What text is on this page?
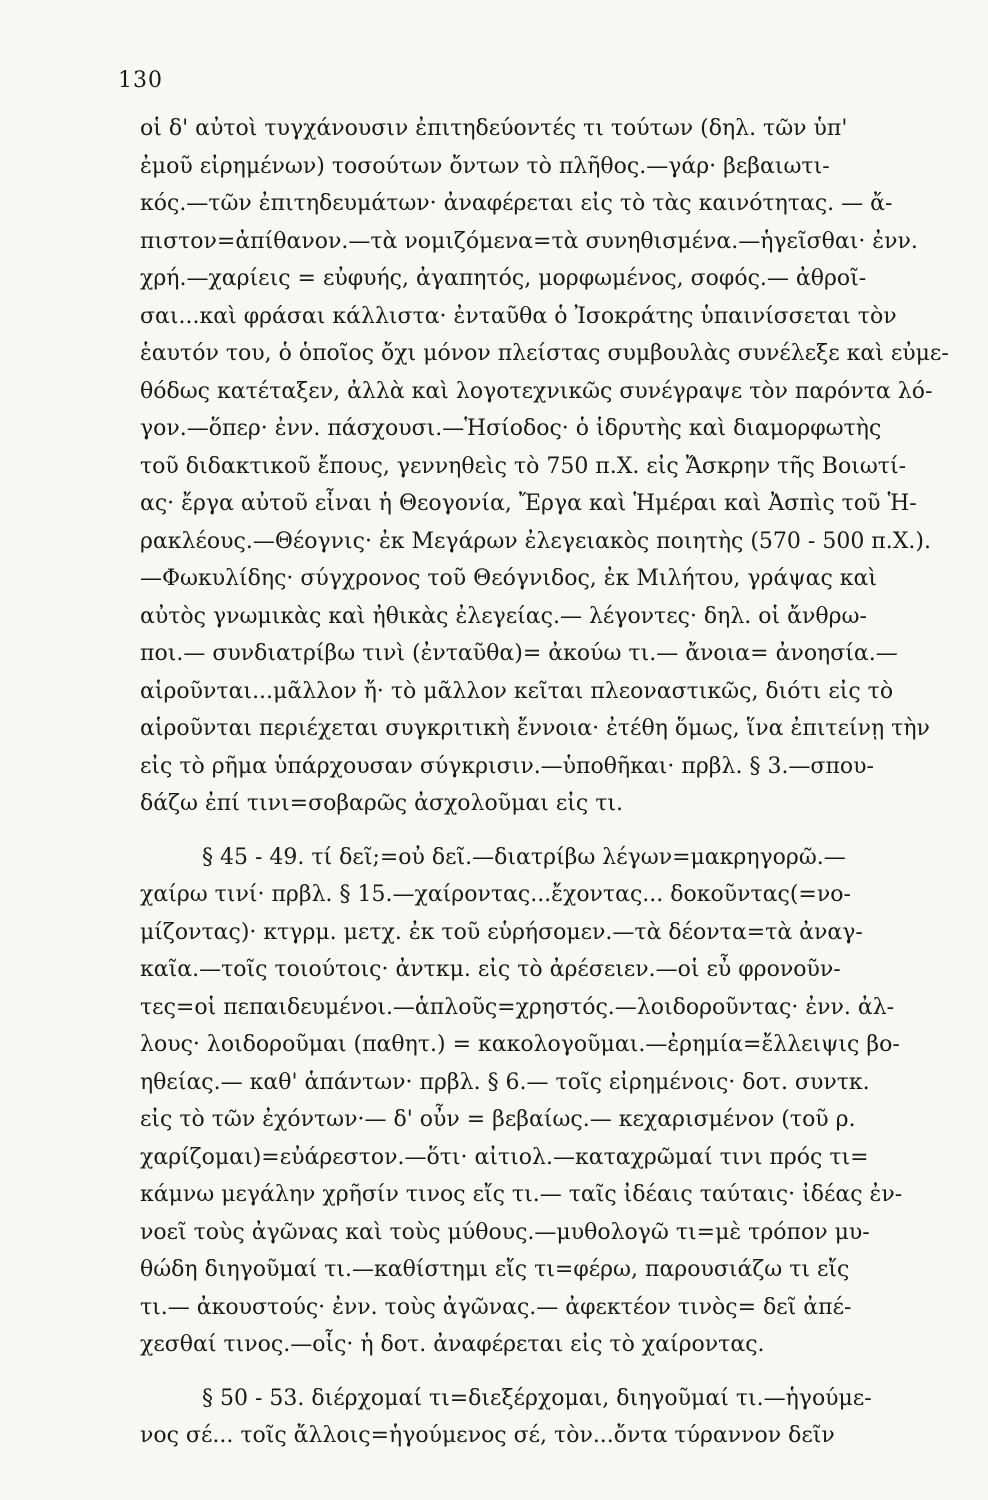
130
οἱ δ' αὐτοὶ τυγχάνουσιν ἐπιτηδεύοντές τι τούτων (δηλ. τῶν ὑπ'
ἐμοῦ εἰρημένων) τοσούτων ὄντων τὸ πλῆθος.—γάρ· βεβαιωτι-
κός.—τῶν ἐπιτηδευμάτων· ἀναφέρεται εἰς τὸ τὰς καινότητας. — ἄ-
πιστον=ἀπίθανον.—τὰ νομιζόμενα=τὰ συνηθισμένα.—ἡγεῖσθαι· ἐνν.
χρή.—χαρίεις = εὐφυής, ἀγαπητός, μορφωμένος, σοφός.— ἀθροῖ-
σαι...καὶ φράσαι κάλλιστα· ἐνταῦθα ὁ Ἰσοκράτης ὑπαινίσσεται τὸν
ἑαυτόν του, ὁ ὁποῖος ὄχι μόνον πλείστας συμβουλὰς συνέλεξε καὶ εὐμε-
θόδως κατέταξεν, ἀλλὰ καὶ λογοτεχνικῶς συνέγραψε τὸν παρόντα λό-
γον.—ὅπερ· ἐνν. πάσχουσι.—Ἡσίοδος· ὁ ἱδρυτὴς καὶ διαμορφωτὴς
τοῦ διδακτικοῦ ἔπους, γεννηθεὶς τὸ 750 π.Χ. εἰς Ἄσκρην τῆς Βοιωτί-
ας· ἔργα αὐτοῦ εἶναι ἡ Θεογονία, Ἔργα καὶ Ἡμέραι καὶ Ἀσπὶς τοῦ Ἡ-
ρακλέους.—Θέογνις· ἐκ Μεγάρων ἐλεγειακὸς ποιητὴς (570 - 500 π.Χ.).
—Φωκυλίδης· σύγχρονος τοῦ Θεόγνιδος, ἐκ Μιλήτου, γράψας καὶ
αὐτὸς γνωμικὰς καὶ ἠθικὰς ἐλεγείας.— λέγοντες· δηλ. οἱ ἄνθρω-
ποι.— συνδιατρίβω τινὶ (ἐνταῦθα)= ἀκούω τι.— ἄνοια= ἀνοησία.—
αἱροῦνται...μᾶλλον ἤ· τὸ μᾶλλον κεῖται πλεοναστικῶς, διότι εἰς τὸ
αἱροῦνται περιέχεται συγκριτικὴ ἔννοια· ἐτέθη ὅμως, ἵνα ἐπιτείνῃ τὴν
εἰς τὸ ρῆμα ὑπάρχουσαν σύγκρισιν.—ὑποθῆκαι· πρβλ. § 3.—σπου-
δάζω ἐπί τινι=σοβαρῶς ἀσχολοῦμαι εἰς τι.
§ 45 - 49. τί δεῖ;=οὐ δεῖ.—διατρίβω λέγων=μακρηγορῶ.—
χαίρω τινί· πρβλ. § 15.—χαίροντας...ἔχοντας... δοκοῦντας(=νο-
μίζοντας)· κτγρμ. μετχ. ἐκ τοῦ εὑρήσομεν.—τὰ δέοντα=τὰ ἀναγ-
καῖα.—τοῖς τοιούτοις· ἀντκμ. εἰς τὸ ἀρέσειεν.—οἱ εὖ φρονοῦν-
τες=οἱ πεπαιδευμένοι.—ἁπλοῦς=χρηστός.—λοιδοροῦντας· ἐνν. ἀλ-
λους· λοιδοροῦμαι (παθητ.) = κακολογοῦμαι.—ἐρημία=ἔλλειψις βο-
ηθείας.— καθ' ἁπάντων· πρβλ. § 6.— τοῖς εἰρημένοις· δοτ. συντκ.
εἰς τὸ τῶν ἐχόντων·— δ' οὖν = βεβαίως.— κεχαρισμένον (τοῦ ρ.
χαρίζομαι)=εὐάρεστον.—ὅτι· αἰτιολ.—καταχρῶμαί τινι πρός τι=
κάμνω μεγάλην χρῆσίν τινος εἴς τι.— ταῖς ἰδέαις ταύταις· ἰδέας ἐν-
νοεῖ τοὺς ἀγῶνας καὶ τοὺς μύθους.—μυθολογῶ τι=μὲ τρόπον μυ-
θώδη διηγοῦμαί τι.—καθίστημι εἴς τι=φέρω, παρουσιάζω τι εἴς
τι.— ἀκουστούς· ἐνν. τοὺς ἀγῶνας.— ἀφεκτέον τινὸς= δεῖ ἀπέ-
χεσθαί τινος.—οἷς· ἡ δοτ. ἀναφέρεται εἰς τὸ χαίροντας.
§ 50 - 53. διέρχομαί τι=διεξέρχομαι, διηγοῦμαί τι.—ἡγούμε-
νος σέ... τοῖς ἄλλοις=ἡγούμενος σέ, τὸν...ὄντα τύραννον δεῖν
